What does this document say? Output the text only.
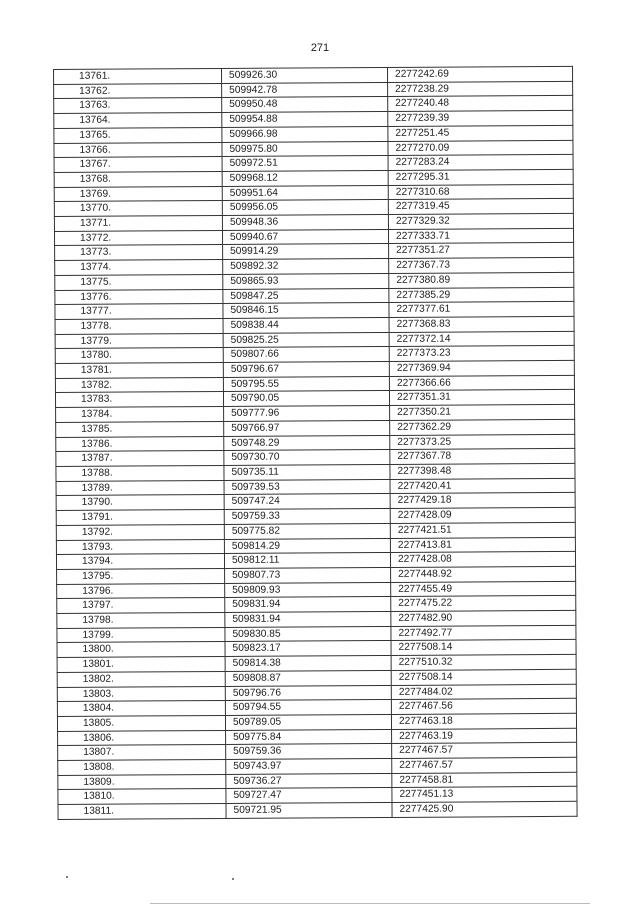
271
13761.	509926.30	2277242.69
13762.	509942.78	2277238.29
13763.	509950.48	2277240.48
13764.	509954.88	2277239.39
13765.	509966.98	2277251.45
13766.	509975.80	2277270.09
13767.	509972.51	2277283.24
13768.	509968.12	2277295.31
13769.	509951.64	2277310.68
13770.	509956.05	2277319.45
13771.	509948.36	2277329.32
13772.	509940.67	2277333.71
13773.	509914.29	2277351.27
13774.	509892.32	2277367.73
13775.	509865.93	2277380.89
13776.	509847.25	2277385.29
13777.	509846.15	2277377.61
13778.	509838.44	2277368.83
13779.	509825.25	2277372.14
13780.	509807.66	2277373.23
13781.	509796.67	2277369.94
13782.	509795.55	2277366.66
13783.	509790.05	2277351.31
13784.	509777.96	2277350.21
13785.	509766.97	2277362.29
13786.	509748.29	2277373.25
13787.	509730.70	2277367.78
13788.	509735.11	2277398.48
13789.	509739.53	2277420.41
13790.	509747.24	2277429.18
13791.	509759.33	2277428.09
13792.	509775.82	2277421.51
13793.	509814.29	2277413.81
13794.	509812.11	2277428.08
13795.	509807.73	2277448.92
13796.	509809.93	2277455.49
13797.	509831.94	2277475.22
13798.	509831.94	2277482.90
13799.	509830.85	2277492.77
13800.	509823.17	2277508.14
13801.	509814.38	2277510.32
13802.	509808.87	2277508.14
13803.	509796.76	2277484.02
13804.	509794.55	2277467.56
13805.	509789.05	2277463.18
13806.	509775.84	2277463.19
13807.	509759.36	2277467.57
13808.	509743.97	2277467.57
13809.	509736.27	2277458.81
13810.	509727.47	2277451.13
13811.	509721.95	2277425.90
